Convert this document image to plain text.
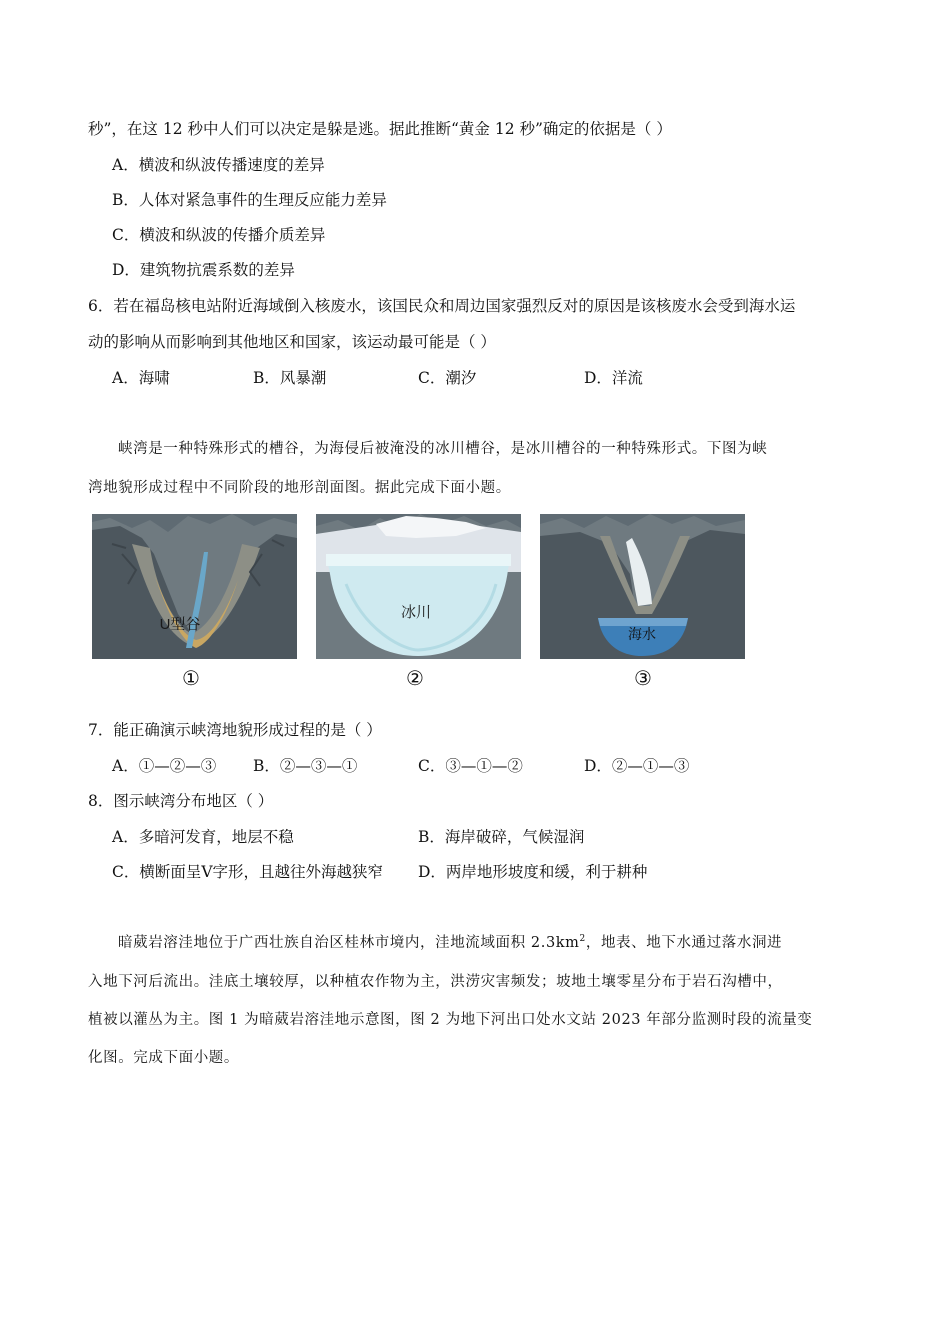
秒”，在这 12 秒中人们可以决定是躲是逃。据此推断“黄金 12 秒”确定的依据是（ ）
A．横波和纵波传播速度的差异
B．人体对紧急事件的生理反应能力差异
C．横波和纵波的传播介质差异
D．建筑物抗震系数的差异
6．若在福岛核电站附近海域倒入核废水，该国民众和周边国家强烈反对的原因是该核废水会受到海水运
动的影响从而影响到其他地区和国家，该运动最可能是（ ）
A．海啸	B．风暴潮	C．潮汐	D．洋流
峡湾是一种特殊形式的槽谷，为海侵后被淹没的冰川槽谷，是冰川槽谷的一种特殊形式。下图为峡
湾地貌形成过程中不同阶段的地形剖面图。据此完成下面小题。
U型谷
冰川
海水
①	②	③
7．能正确演示峡湾地貌形成过程的是（ ）
A．①—②—③ B．②—③—①	C．③—①—②	D．②—①—③
8．图示峡湾分布地区（ ）
A．多暗河发育，地层不稳	B．海岸破碎，气候湿润
C．横断面呈Ⅴ字形，且越往外海越狭窄 D．两岸地形坡度和缓，利于耕种
暗葳岩溶洼地位于广西壮族自治区桂林市境内，洼地流域面积 $2.3km^2$，地表、地下水通过落水洞进
入地下河后流出。洼底土壤较厚，以种植农作物为主，洪涝灾害频发；坡地土壤零星分布于岩石沟槽中，
植被以灌丛为主。图 1 为暗葳岩溶洼地示意图，图 2 为地下河出口处水文站 2023 年部分监测时段的流量变
化图。完成下面小题。
